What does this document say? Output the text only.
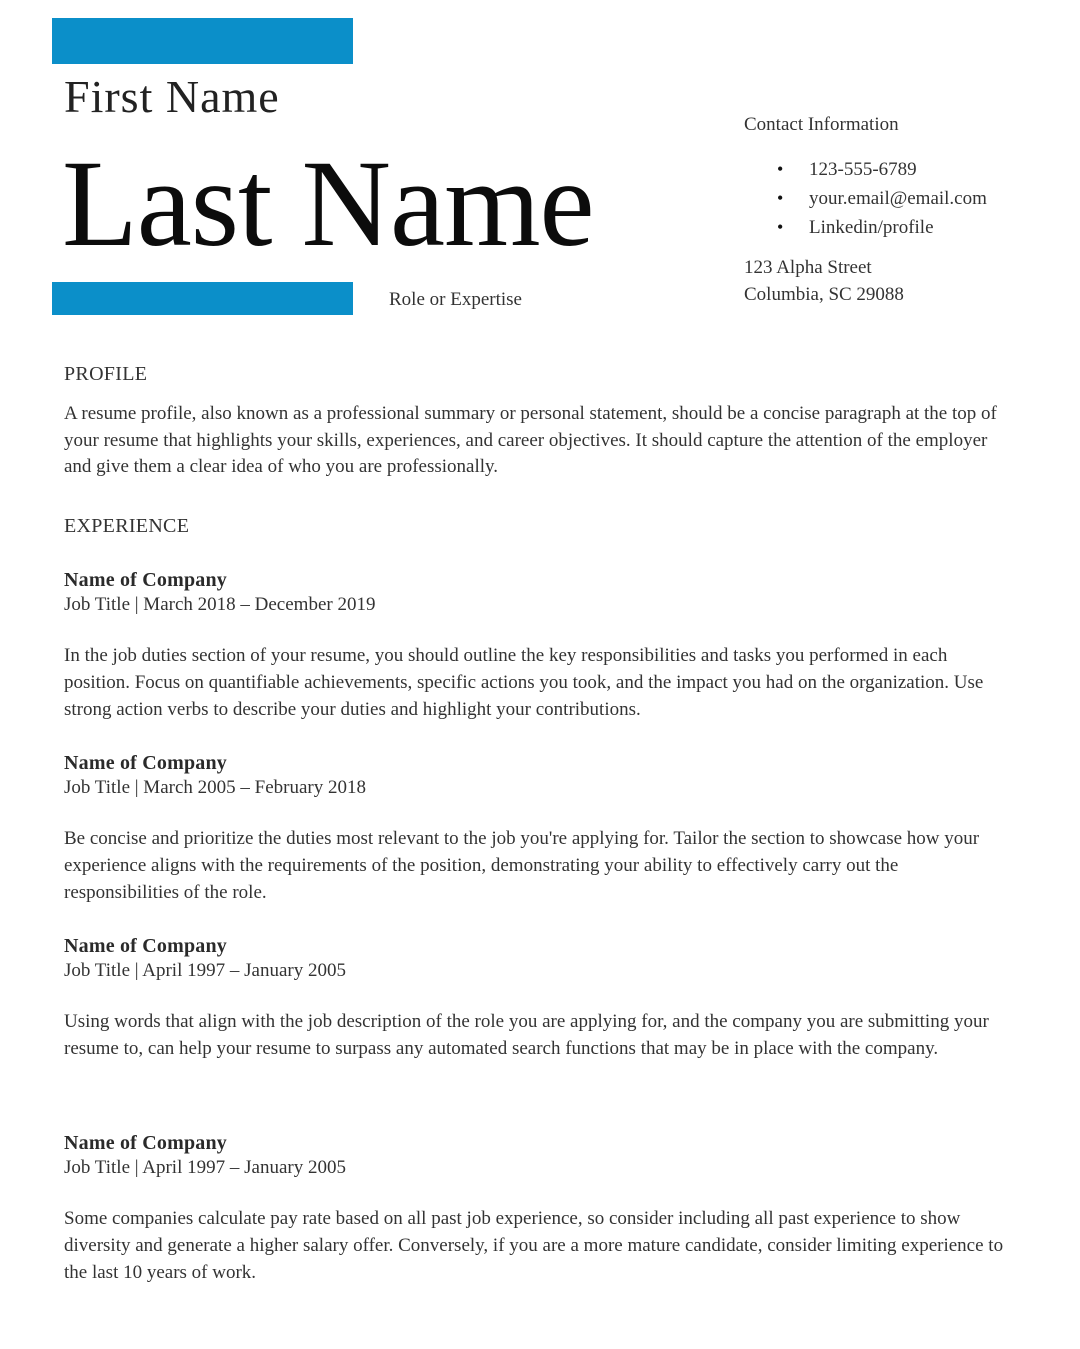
First Name
Last Name
Role or Expertise

Contact Information

• 123-555-6789
• your.email@email.com
• Linkedin/profile
123 Alpha Street
Columbia, SC 29088
PROFILE

A resume profile, also known as a professional summary or personal statement, should be a concise paragraph at the top of your resume that highlights your skills, experiences, and career objectives. It should capture the attention of the employer and give them a clear idea of who you are professionally.

EXPERIENCE
Name of Company
Job Title | March 2018 – December 2019

In the job duties section of your resume, you should outline the key responsibilities and tasks you performed in each position. Focus on quantifiable achievements, specific actions you took, and the impact you had on the organization. Use strong action verbs to describe your duties and highlight your contributions.

Name of Company
Job Title | March 2005 – February 2018

Be concise and prioritize the duties most relevant to the job you're applying for. Tailor the section to showcase how your experience aligns with the requirements of the position, demonstrating your ability to effectively carry out the responsibilities of the role.

Name of Company
Job Title | April 1997 – January 2005

Using words that align with the job description of the role you are applying for, and the company you are submitting your resume to, can help your resume to surpass any automated search functions that may be in place with the company.

Name of Company
Job Title | April 1997 – January 2005

Some companies calculate pay rate based on all past job experience, so consider including all past experience to show diversity and generate a higher salary offer. Conversely, if you are a more mature candidate, consider limiting experience to the last 10 years of work.
